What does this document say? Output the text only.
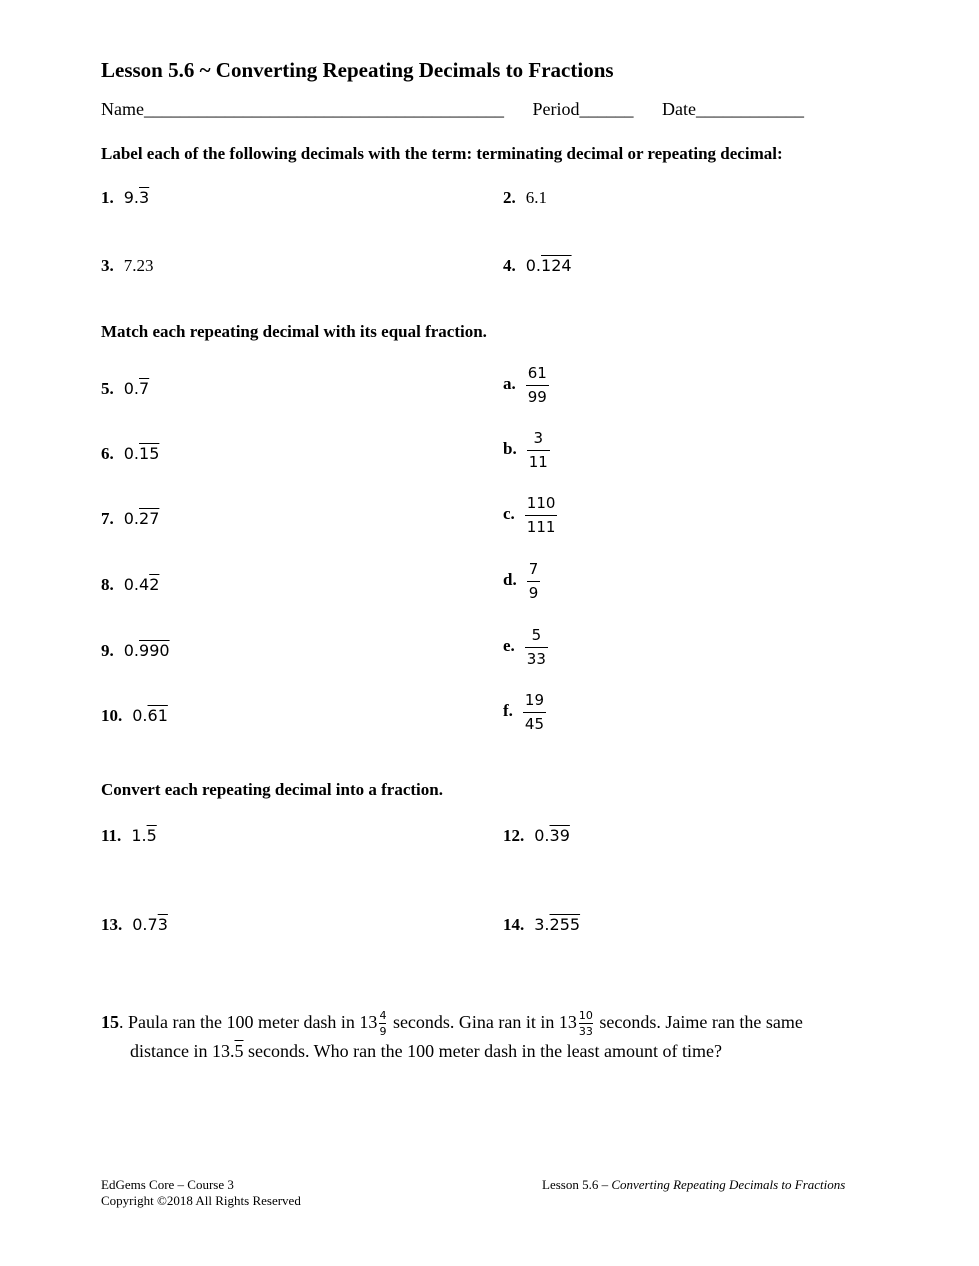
Lesson 5.6 ~ Converting Repeating Decimals to Fractions
Name________________________________________ Period______ Date____________
Label each of the following decimals with the term: terminating decimal or repeating decimal:
1. 9.3	2. 6.1
3. 7.23	4. 0.124
Match each repeating decimal with its equal fraction.
5. 0.7	a. $\frac{61}{99}$
6. 0.15	b. $\frac{3}{11}$
7. 0.27	c. $\frac{110}{111}$
8. 0.42	d. $\frac{7}{9}$
9. 0.990	e. $\frac{5}{33}$
10. 0.61	f. $\frac{19}{45}$
Convert each repeating decimal into a fraction.
11. 1.5	12. 0.39
13. 0.73	14. 3.255
15. Paula ran the 100 meter dash in $13 \frac{4}{9}$ seconds. Gina ran it in $13 \frac{10}{33}$ seconds. Jaime ran the same
distance in 13.5 seconds. Who ran the 100 meter dash in the least amount of time?
EdGems Core – Course 3
Copyright ©2018 All Rights Reserved
Lesson 5.6 – Converting Repeating Decimals to Fractions
